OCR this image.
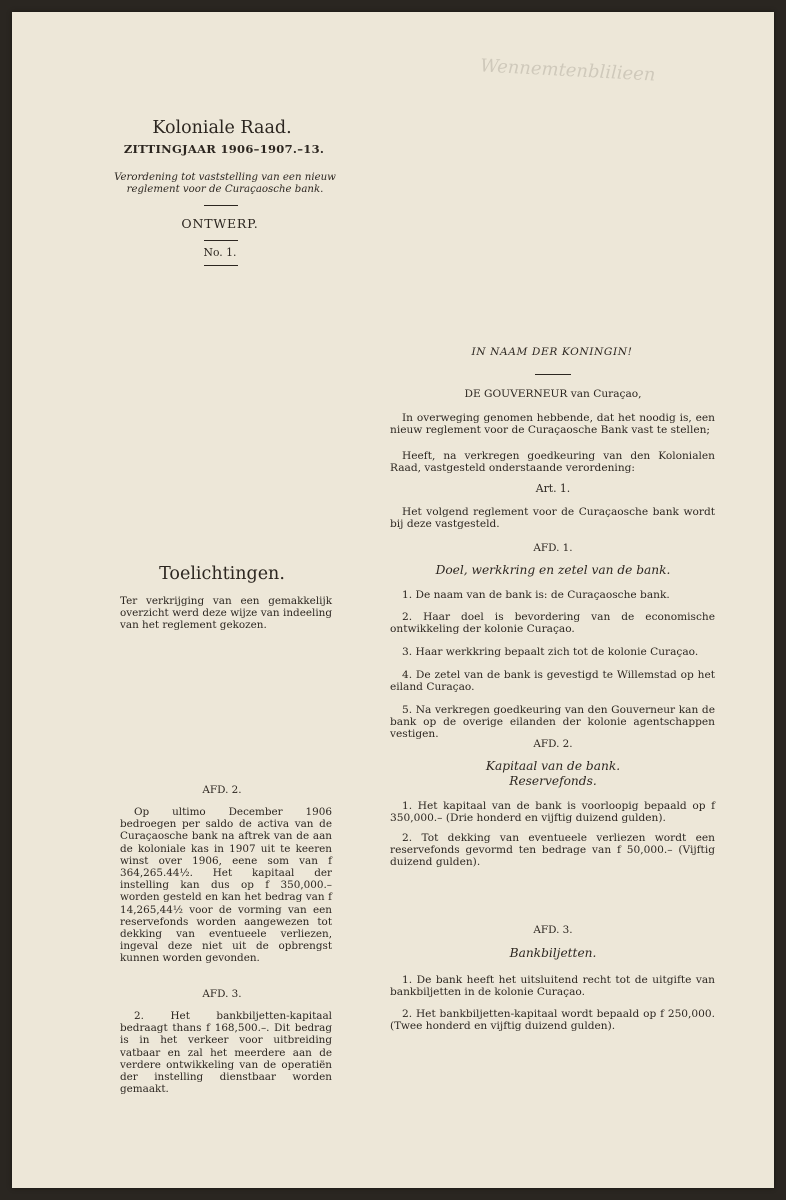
Wennemtenblilieen
Koloniale Raad.
ZITTINGJAAR 1906–1907.–13.
Verordening tot vaststelling van een nieuw
reglement voor de Curaçaosche bank.
ONTWERP.
No. 1.
Toelichtingen.
Ter verkrijging van een gemakkelijk overzicht werd deze wijze van indeeling van het reglement gekozen.
AFD. 2.
Op ultimo December 1906 bedroegen per saldo de activa van de Curaçaosche bank na aftrek van de aan de koloniale kas in 1907 uit te keeren winst over 1906, eene som van f 364,265.44½. Het kapitaal der instelling kan dus op f 350,000.– worden gesteld en kan het bedrag van f 14,265,44½ voor de vorming van een reservefonds worden aangewezen tot dekking van eventueele verliezen, ingeval deze niet uit de opbrengst kunnen worden gevonden.
AFD. 3.
2. Het bankbiljetten-kapitaal bedraagt thans f 168,500.–. Dit bedrag is in het verkeer voor uitbreiding vatbaar en zal het meerdere aan de verdere ontwikkeling van de operatiën der instelling dienstbaar worden gemaakt.
IN NAAM DER KONINGIN!
DE GOUVERNEUR van Curaçao,
In overweging genomen hebbende, dat het noodig is, een nieuw reglement voor de Curaçaosche Bank vast te stellen;
Heeft, na verkregen goedkeuring van den Kolonialen Raad, vastgesteld onderstaande verordening:
Art. 1.
Het volgend reglement voor de Curaçaosche bank wordt bij deze vastgesteld.
AFD. 1.
Doel, werkkring en zetel van de bank.
1. De naam van de bank is: de Curaçaosche bank.
2. Haar doel is bevordering van de economische ontwikkeling der kolonie Curaçao.
3. Haar werkkring bepaalt zich tot de kolonie Curaçao.
4. De zetel van de bank is gevestigd te Willemstad op het eiland Curaçao.
5. Na verkregen goedkeuring van den Gouverneur kan de bank op de overige eilanden der kolonie agentschappen vestigen.
AFD. 2.
Kapitaal van de bank.
Reservefonds.
1. Het kapitaal van de bank is voorloopig bepaald op f 350,000.– (Drie honderd en vijftig duizend gulden).
2. Tot dekking van eventueele verliezen wordt een reservefonds gevormd ten bedrage van f 50,000.– (Vijftig duizend gulden).
AFD. 3.
Bankbiljetten.
1. De bank heeft het uitsluitend recht tot de uitgifte van bankbiljetten in de kolonie Curaçao.
2. Het bankbiljetten-kapitaal wordt bepaald op f 250,000. (Twee honderd en vijftig duizend gulden).
